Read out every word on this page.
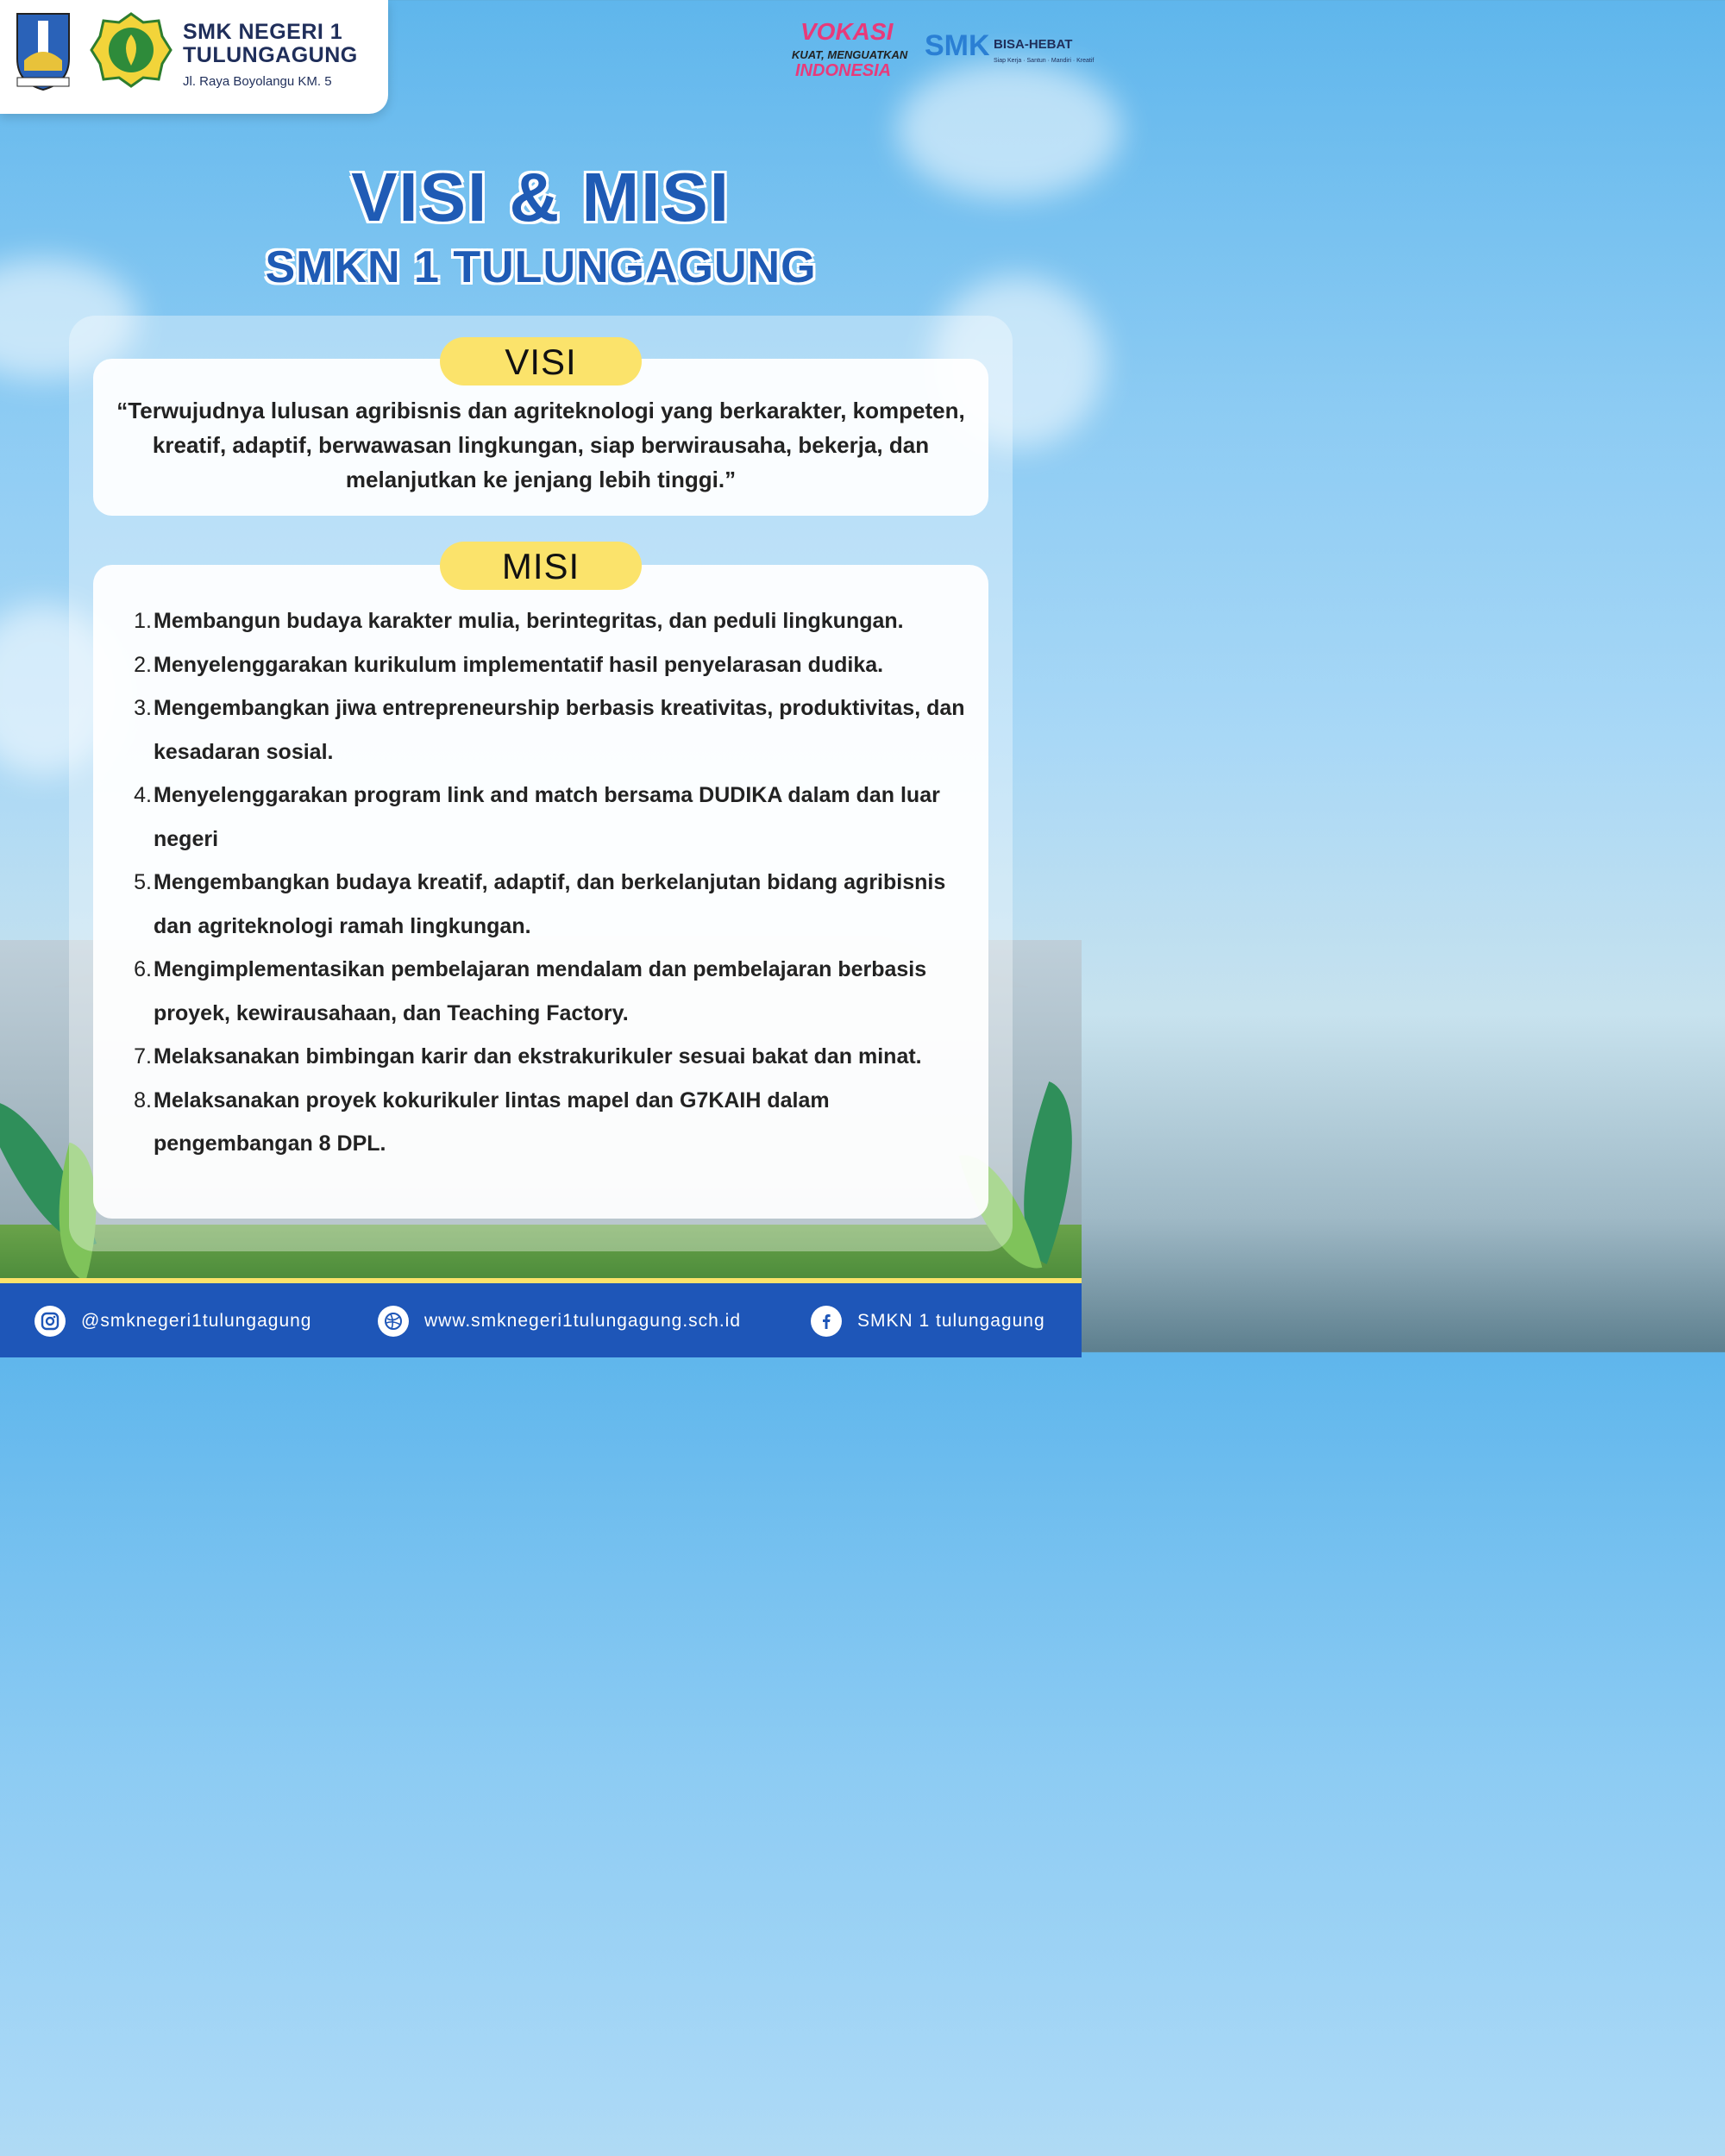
SMK NEGERI 1
TULUNGAGUNG
Jl. Raya Boyolangu KM. 5
VOKASI
KUAT, MENGUATKAN
INDONESIA
SMK BISA-HEBAT
Siap Kerja · Santun · Mandiri · Kreatif
VISI & MISI
SMKN 1 TULUNGAGUNG
VISI
“Terwujudnya lulusan agribisnis dan agriteknologi yang berkarakter, kompeten, kreatif, adaptif, berwawasan lingkungan, siap berwirausaha, bekerja, dan melanjutkan ke jenjang lebih tinggi.”
MISI
1. Membangun budaya karakter mulia, berintegritas, dan peduli lingkungan.
2. Menyelenggarakan kurikulum implementatif hasil penyelarasan dudika.
3. Mengembangkan jiwa entrepreneurship berbasis kreativitas, produktivitas, dan kesadaran sosial.
4. Menyelenggarakan program link and match bersama DUDIKA dalam dan luar negeri
5. Mengembangkan budaya kreatif, adaptif, dan berkelanjutan bidang agribisnis dan agriteknologi ramah lingkungan.
6. Mengimplementasikan pembelajaran mendalam dan pembelajaran berbasis proyek, kewirausahaan, dan Teaching Factory.
7. Melaksanakan bimbingan karir dan ekstrakurikuler sesuai bakat dan minat.
8. Melaksanakan proyek kokurikuler lintas mapel dan G7KAIH dalam pengembangan 8 DPL.
@smknegeri1tulungagung	www.smknegeri1tulungagung.sch.id	SMKN 1 tulungagung
